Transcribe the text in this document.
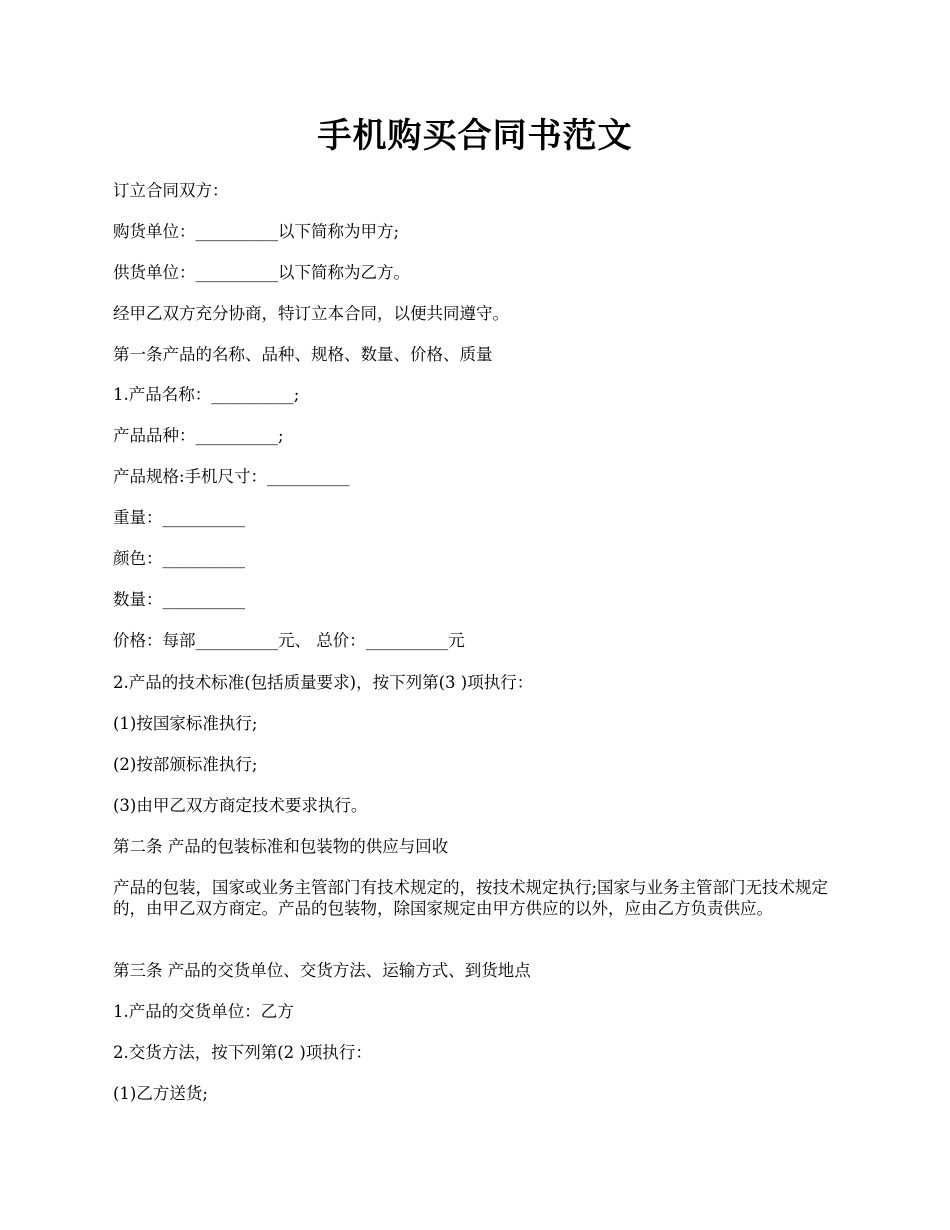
手机购买合同书范文
订立合同双方：
购货单位：__________以下简称为甲方;
供货单位：__________以下简称为乙方。
经甲乙双方充分协商，特订立本合同，以便共同遵守。
第一条产品的名称、品种、规格、数量、价格、质量
1.产品名称：__________;
产品品种：__________;
产品规格:手机尺寸：__________
重量：__________
颜色：__________
数量：__________
价格：每部__________元、 总价：__________元
2.产品的技术标准(包括质量要求)，按下列第(3 )项执行：
(1)按国家标准执行;
(2)按部颁标准执行;
(3)由甲乙双方商定技术要求执行。
第二条 产品的包装标准和包装物的供应与回收
产品的包装，国家或业务主管部门有技术规定的，按技术规定执行;国家与业务主管部门无技术规定的，由甲乙双方商定。产品的包装物，除国家规定由甲方供应的以外，应由乙方负责供应。
第三条 产品的交货单位、交货方法、运输方式、到货地点
1.产品的交货单位：乙方
2.交货方法，按下列第(2 )项执行：
(1)乙方送货;
